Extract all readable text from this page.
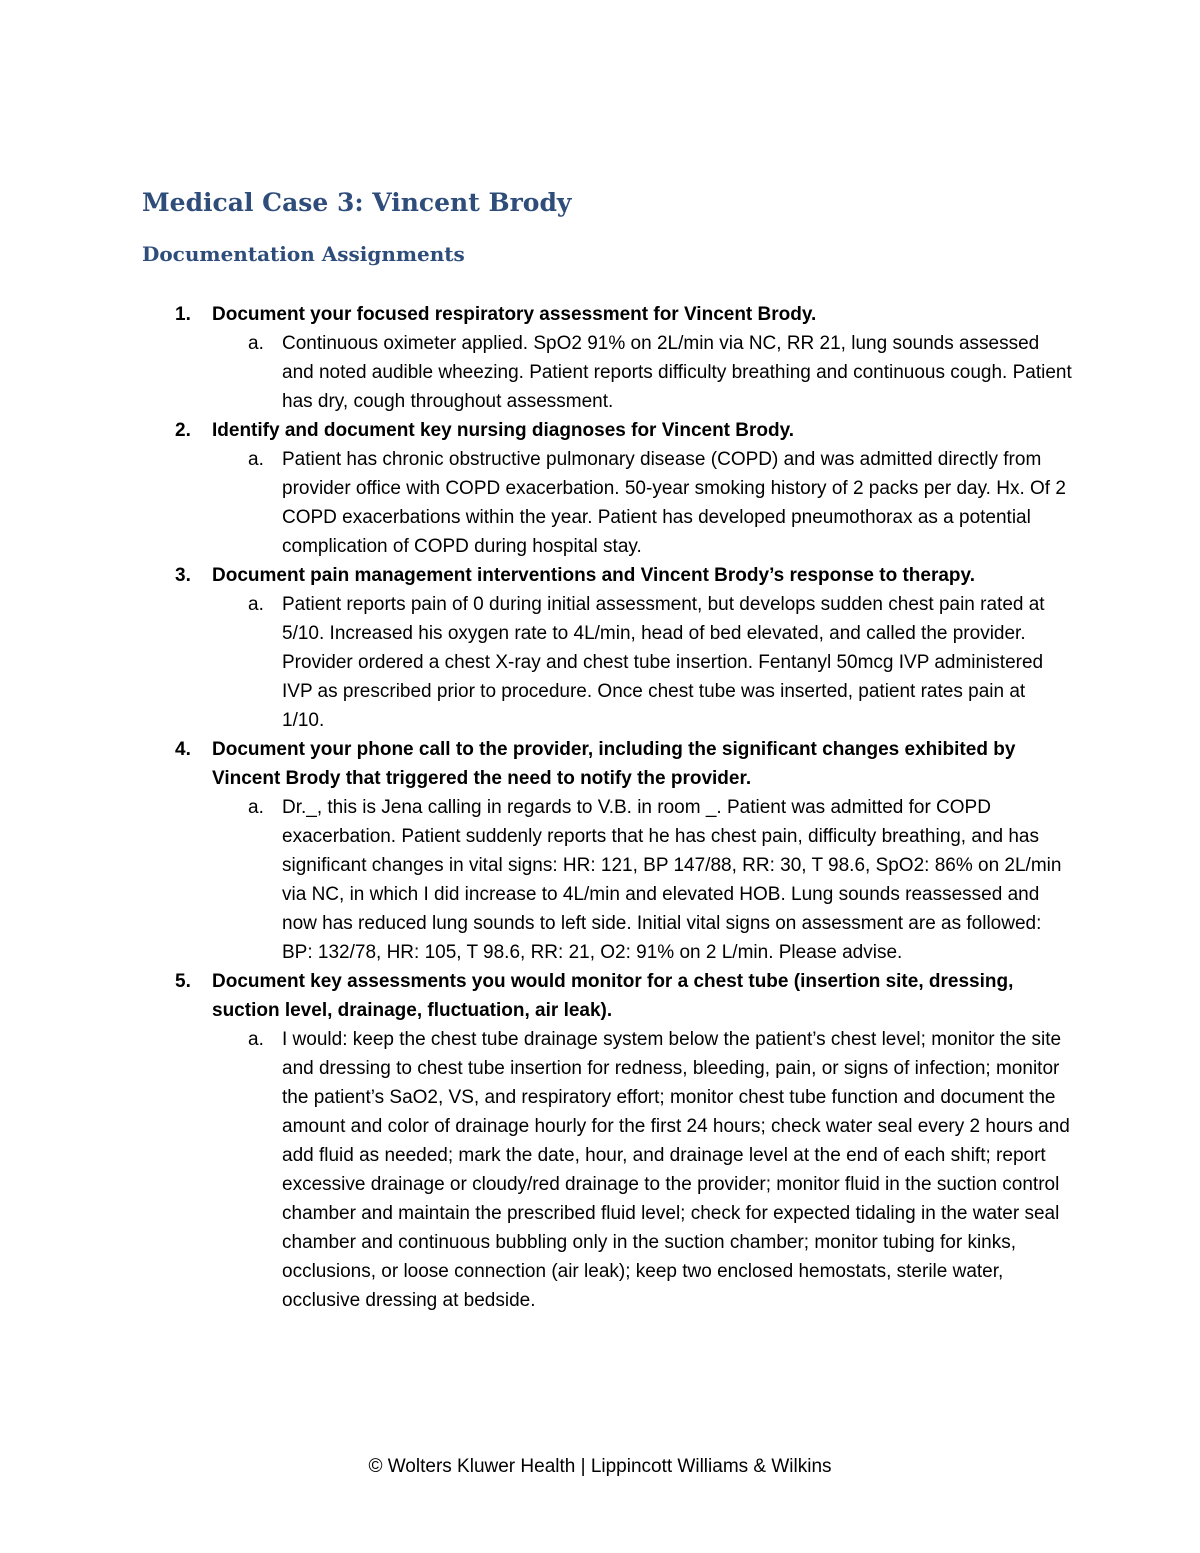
Medical Case 3: Vincent Brody
Documentation Assignments
1.	Document your focused respiratory assessment for Vincent Brody.
a. Continuous oximeter applied. SpO2 91% on 2L/min via NC, RR 21, lung sounds assessed and noted audible wheezing. Patient reports difficulty breathing and continuous cough. Patient has dry, cough throughout assessment.
2.	Identify and document key nursing diagnoses for Vincent Brody.
a. Patient has chronic obstructive pulmonary disease (COPD) and was admitted directly from provider office with COPD exacerbation. 50-year smoking history of 2 packs per day. Hx. Of 2 COPD exacerbations within the year. Patient has developed pneumothorax as a potential complication of COPD during hospital stay.
3.	Document pain management interventions and Vincent Brody’s response to therapy.
a. Patient reports pain of 0 during initial assessment, but develops sudden chest pain rated at 5/10. Increased his oxygen rate to 4L/min, head of bed elevated, and called the provider. Provider ordered a chest X-ray and chest tube insertion. Fentanyl 50mcg IVP administered IVP as prescribed prior to procedure. Once chest tube was inserted, patient rates pain at 1/10.
4.	Document your phone call to the provider, including the significant changes exhibited by Vincent Brody that triggered the need to notify the provider.
a. Dr._, this is Jena calling in regards to V.B. in room _. Patient was admitted for COPD exacerbation. Patient suddenly reports that he has chest pain, difficulty breathing, and has significant changes in vital signs: HR: 121, BP 147/88, RR: 30, T 98.6, SpO2: 86% on 2L/min via NC, in which I did increase to 4L/min and elevated HOB. Lung sounds reassessed and now has reduced lung sounds to left side. Initial vital signs on assessment are as followed: BP: 132/78, HR: 105, T 98.6, RR: 21, O2: 91% on 2 L/min. Please advise.
5.	Document key assessments you would monitor for a chest tube (insertion site, dressing, suction level, drainage, fluctuation, air leak).
a. I would: keep the chest tube drainage system below the patient’s chest level; monitor the site and dressing to chest tube insertion for redness, bleeding, pain, or signs of infection; monitor the patient’s SaO2, VS, and respiratory effort; monitor chest tube function and document the amount and color of drainage hourly for the first 24 hours; check water seal every 2 hours and add fluid as needed; mark the date, hour, and drainage level at the end of each shift; report excessive drainage or cloudy/red drainage to the provider; monitor fluid in the suction control chamber and maintain the prescribed fluid level; check for expected tidaling in the water seal chamber and continuous bubbling only in the suction chamber; monitor tubing for kinks, occlusions, or loose connection (air leak); keep two enclosed hemostats, sterile water, occlusive dressing at bedside.

© Wolters Kluwer Health | Lippincott Williams & Wilkins
